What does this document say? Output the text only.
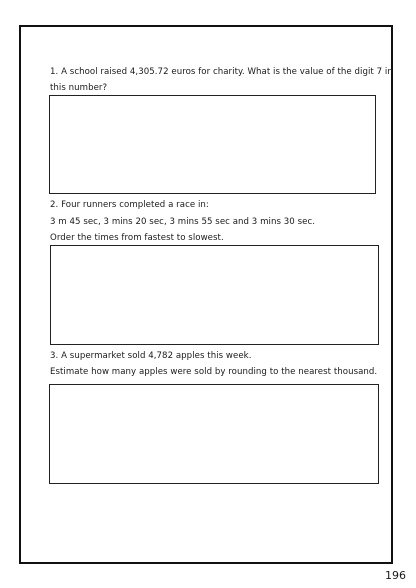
1. A school raised 4,305.72 euros for charity. What is the value of the digit 7 in
this number?
2. Four runners completed a race in:
3 m 45 sec, 3 mins 20 sec, 3 mins 55 sec and 3 mins 30 sec.
Order the times from fastest to slowest.
3. A supermarket sold 4,782 apples this week.
Estimate how many apples were sold by rounding to the nearest thousand.
196
